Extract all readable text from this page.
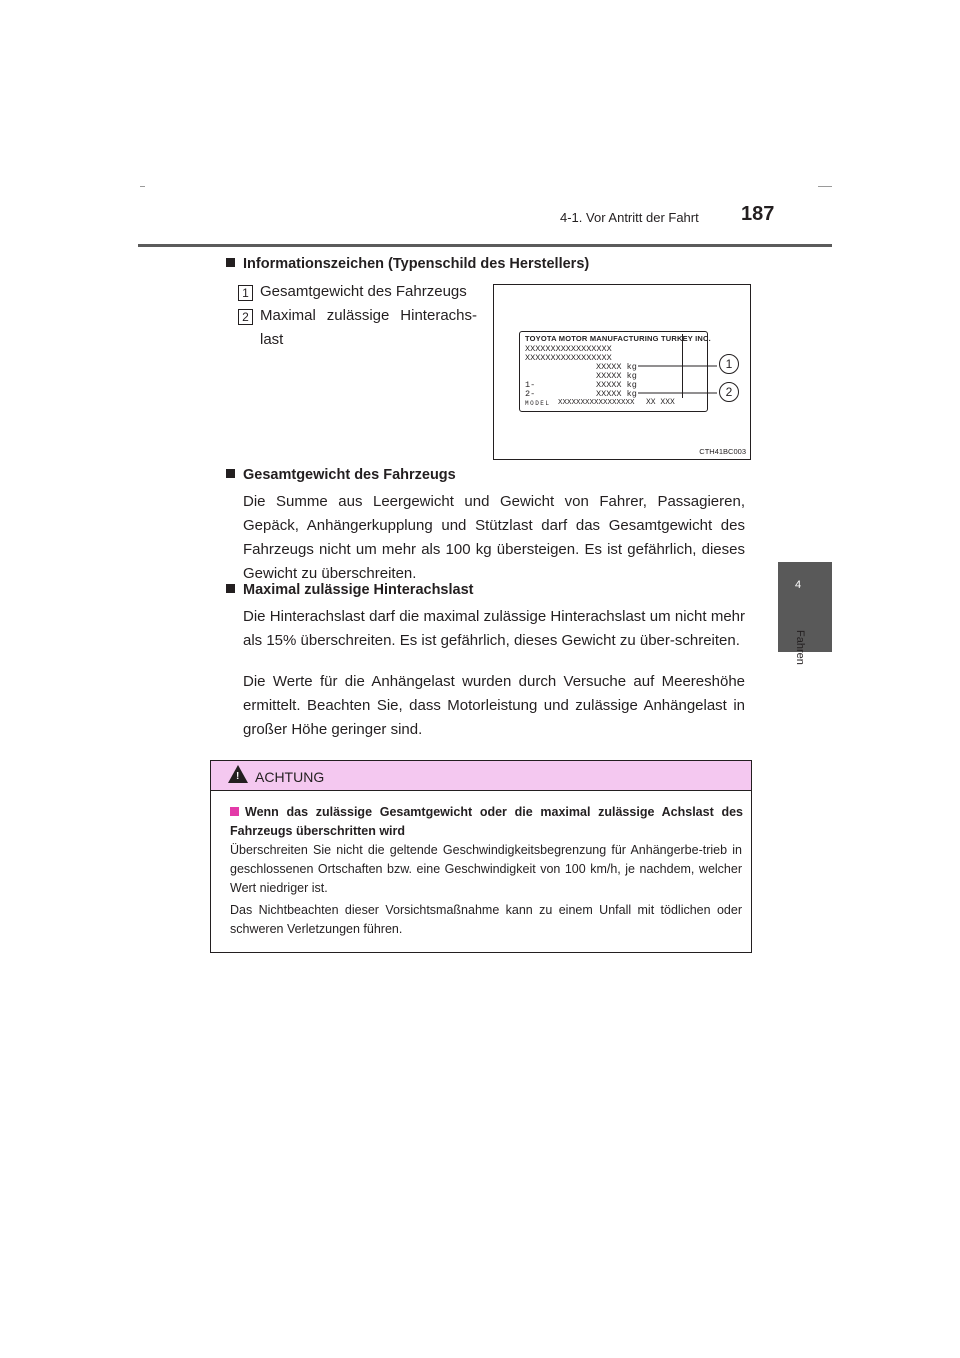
4-1. Vor Antritt der Fahrt 187
4
Fahren
Informationszeichen (Typenschild des Herstellers)
1 Gesamtgewicht des Fahrzeugs
2 Maximal zulässige Hinterachs-
last	TOYOTA MOTOR MANUFACTURING TURKEY INC.
XXXXXXXXXXXXXXXXX
XXXXXXXXXXXXXXXXX
XXXXX kg
XXXXX kg
1-	XXXXX kg
2-	XXXXX kg
MODEL XXXXXXXXXXXXXXXXX XX XXX
1
2
CTH41BC003
Gesamtgewicht des Fahrzeugs
Die Summe aus Leergewicht und Gewicht von Fahrer, Passagieren, Gepäck, Anhängerkupplung und Stützlast darf das Gesamtgewicht des Fahrzeugs nicht um mehr als 100 kg übersteigen. Es ist gefährlich, dieses Gewicht zu überschreiten.
Maximal zulässige Hinterachslast
Die Hinterachslast darf die maximal zulässige Hinterachslast um nicht mehr als 15% überschreiten. Es ist gefährlich, dieses Gewicht zu über-schreiten.
Die Werte für die Anhängelast wurden durch Versuche auf Meereshöhe ermittelt. Beachten Sie, dass Motorleistung und zulässige Anhängelast in großer Höhe geringer sind.
! ACHTUNG
Wenn das zulässige Gesamtgewicht oder die maximal zulässige Achslast des Fahrzeugs überschritten wird
Überschreiten Sie nicht die geltende Geschwindigkeitsbegrenzung für Anhängerbe-trieb in geschlossenen Ortschaften bzw. eine Geschwindigkeit von 100 km/h, je nachdem, welcher Wert niedriger ist.
Das Nichtbeachten dieser Vorsichtsmaßnahme kann zu einem Unfall mit tödlichen oder schweren Verletzungen führen.
